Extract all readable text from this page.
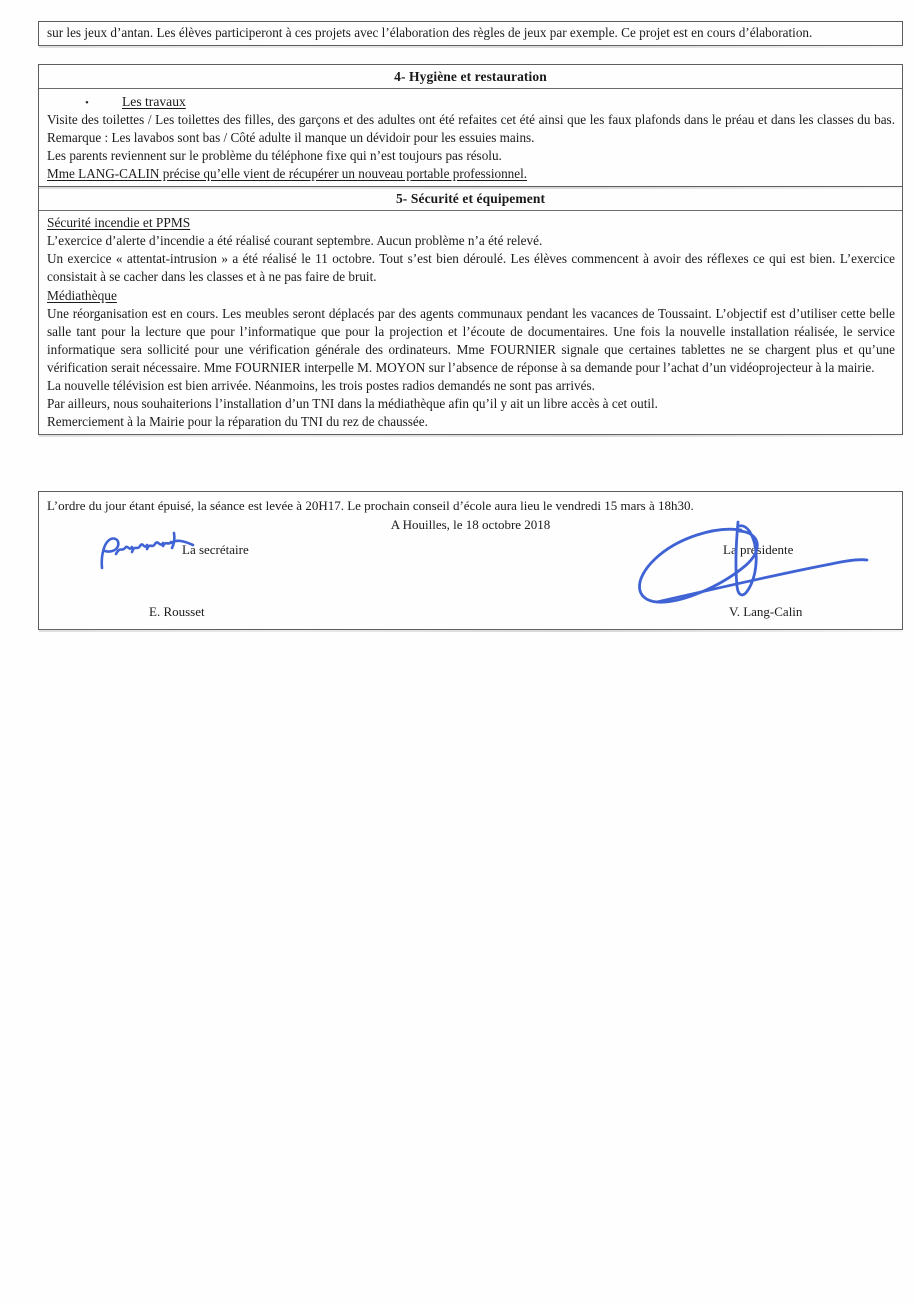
sur les jeux d’antan. Les élèves participeront à ces projets avec l’élaboration des règles de jeux par exemple. Ce projet est en cours d’élaboration.

4- Hygiène et restauration
•	Les travaux

Visite des toilettes / Les toilettes des filles, des garçons et des adultes ont été refaites cet été ainsi que les faux plafonds dans le préau et dans les classes du bas. Remarque : Les lavabos sont bas / Côté adulte il manque un dévidoir pour les essuies mains.

Les parents reviennent sur le problème du téléphone fixe qui n’est toujours pas résolu.

Mme LANG-CALIN précise qu’elle vient de récupérer un nouveau portable professionnel.

5- Sécurité et équipement
Sécurité incendie et PPMS

L’exercice d’alerte d’incendie a été réalisé courant septembre. Aucun problème n’a été relevé.

Un exercice « attentat-intrusion » a été réalisé le 11 octobre. Tout s’est bien déroulé. Les élèves commencent à avoir des réflexes ce qui est bien. L’exercice consistait à se cacher dans les classes et à ne pas faire de bruit.

Médiathèque

Une réorganisation est en cours. Les meubles seront déplacés par des agents communaux pendant les vacances de Toussaint. L’objectif est d’utiliser cette belle salle tant pour la lecture que pour l’informatique que pour la projection et l’écoute de documentaires. Une fois la nouvelle installation réalisée, le service informatique sera sollicité pour une vérification générale des ordinateurs. Mme FOURNIER signale que certaines tablettes ne se chargent plus et qu’une vérification serait nécessaire. Mme FOURNIER interpelle M. MOYON sur l’absence de réponse à sa demande pour l’achat d’un vidéoprojecteur à la mairie.

La nouvelle télévision est bien arrivée. Néanmoins, les trois postes radios demandés ne sont pas arrivés.

Par ailleurs, nous souhaiterions l’installation d’un TNI dans la médiathèque afin qu’il y ait un libre accès à cet outil.

Remerciement à la Mairie pour la réparation du TNI du rez de chaussée.

L’ordre du jour étant épuisé, la séance est levée à 20H17. Le prochain conseil d’école aura lieu le vendredi 15 mars à 18h30.

A Houilles, le 18 octobre 2018

La secrétaire	La présidente
E. Rousset	V. Lang-Calin
